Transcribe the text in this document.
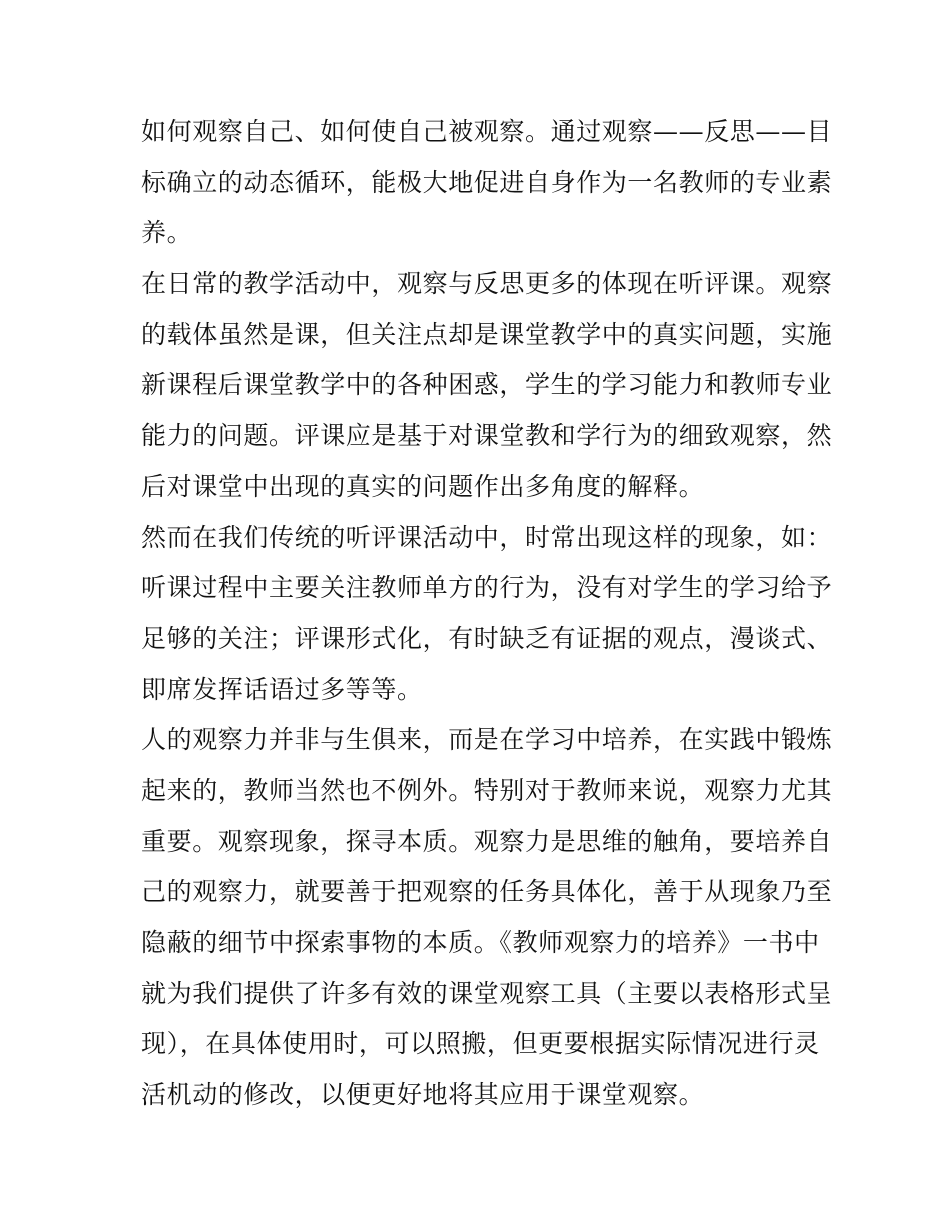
如何观察自己、如何使自己被观察。通过观察——反思——目
标确立的动态循环，能极大地促进自身作为一名教师的专业素
养。
在日常的教学活动中，观察与反思更多的体现在听评课。观察
的载体虽然是课，但关注点却是课堂教学中的真实问题，实施
新课程后课堂教学中的各种困惑，学生的学习能力和教师专业
能力的问题。评课应是基于对课堂教和学行为的细致观察，然
后对课堂中出现的真实的问题作出多角度的解释。
然而在我们传统的听评课活动中，时常出现这样的现象，如：
听课过程中主要关注教师单方的行为，没有对学生的学习给予
足够的关注；评课形式化，有时缺乏有证据的观点，漫谈式、
即席发挥话语过多等等。
人的观察力并非与生俱来，而是在学习中培养，在实践中锻炼
起来的，教师当然也不例外。特别对于教师来说，观察力尤其
重要。观察现象，探寻本质。观察力是思维的触角，要培养自
己的观察力，就要善于把观察的任务具体化，善于从现象乃至
隐蔽的细节中探索事物的本质。《教师观察力的培养》一书中
就为我们提供了许多有效的课堂观察工具（主要以表格形式呈
现），在具体使用时，可以照搬，但更要根据实际情况进行灵
活机动的修改，以便更好地将其应用于课堂观察。
